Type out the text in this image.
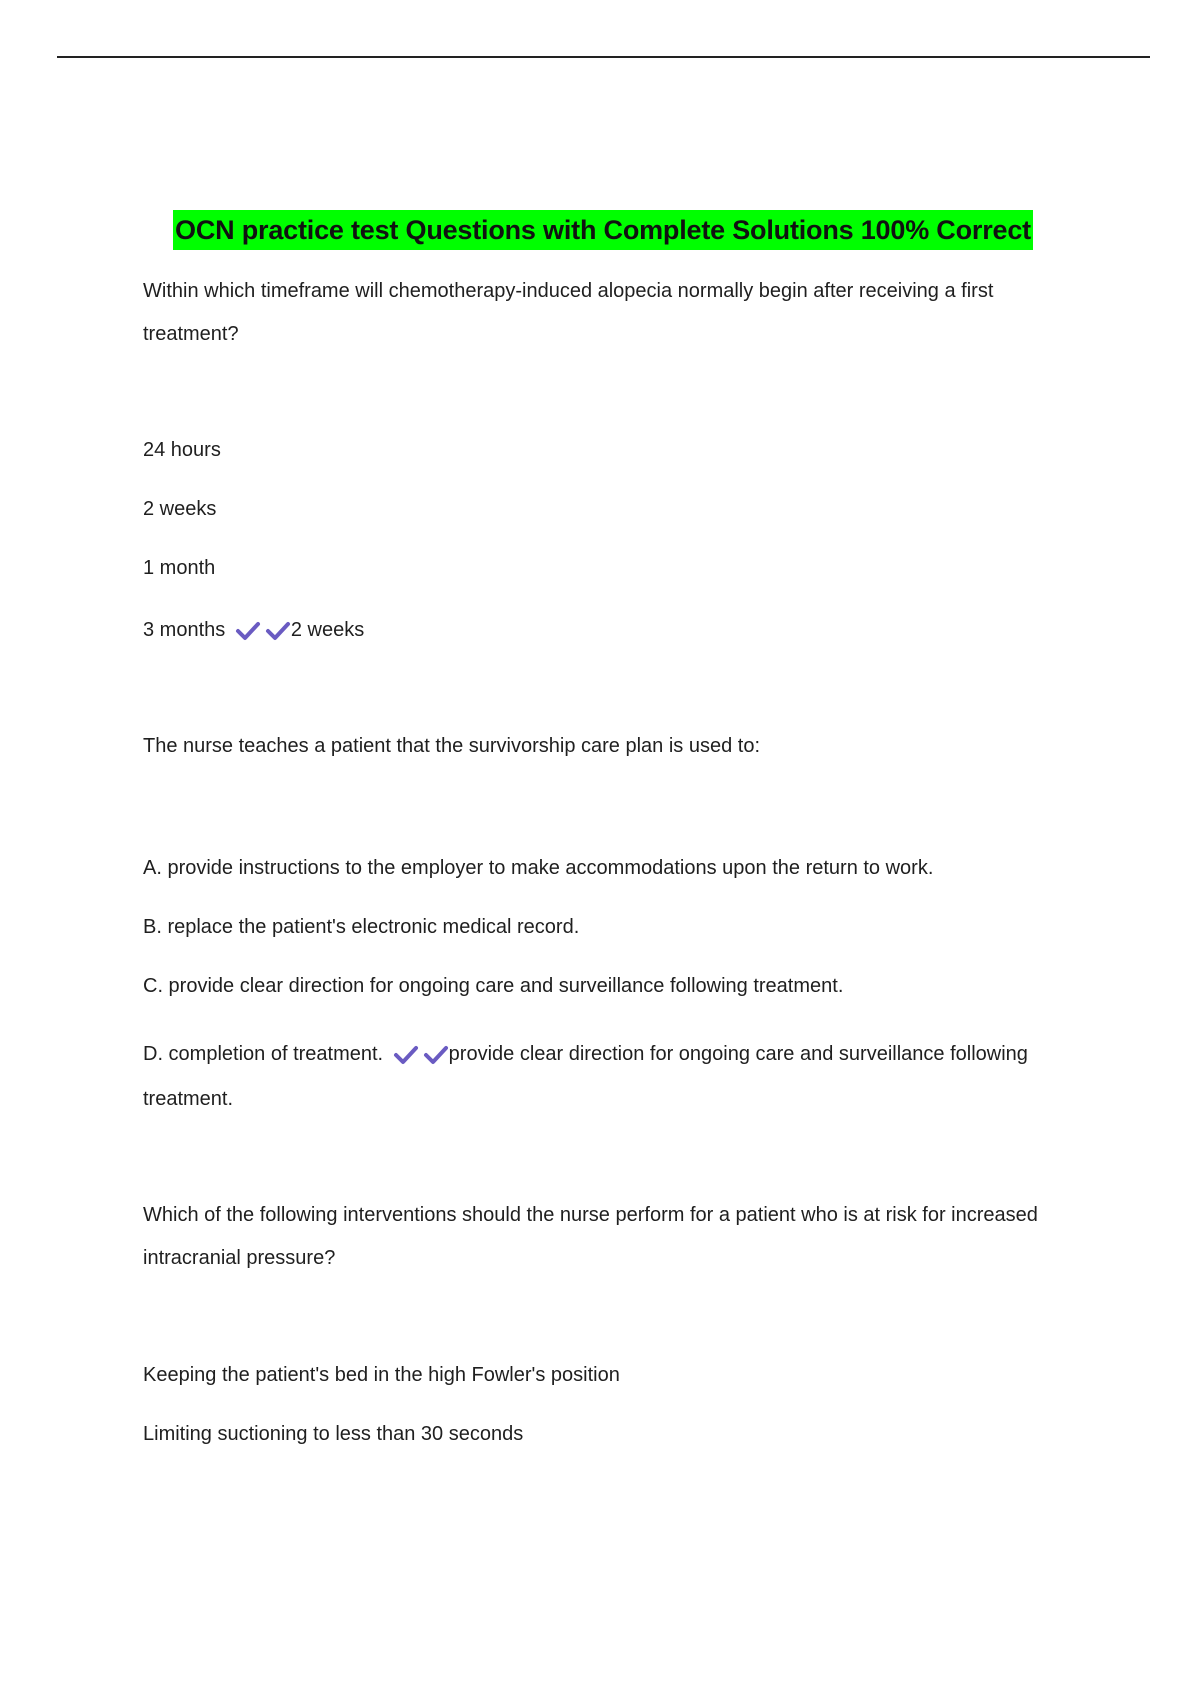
OCN practice test Questions with Complete Solutions 100% Correct

Within which timeframe will chemotherapy-induced alopecia normally begin after receiving a first treatment?

24 hours

2 weeks

1 month

3 months	2 weeks

The nurse teaches a patient that the survivorship care plan is used to:

A. provide instructions to the employer to make accommodations upon the return to work.

B. replace the patient's electronic medical record.

C. provide clear direction for ongoing care and surveillance following treatment.

D. completion of treatment.	provide clear direction for ongoing care and surveillance following treatment.

Which of the following interventions should the nurse perform for a patient who is at risk for increased intracranial pressure?

Keeping the patient's bed in the high Fowler's position

Limiting suctioning to less than 30 seconds
